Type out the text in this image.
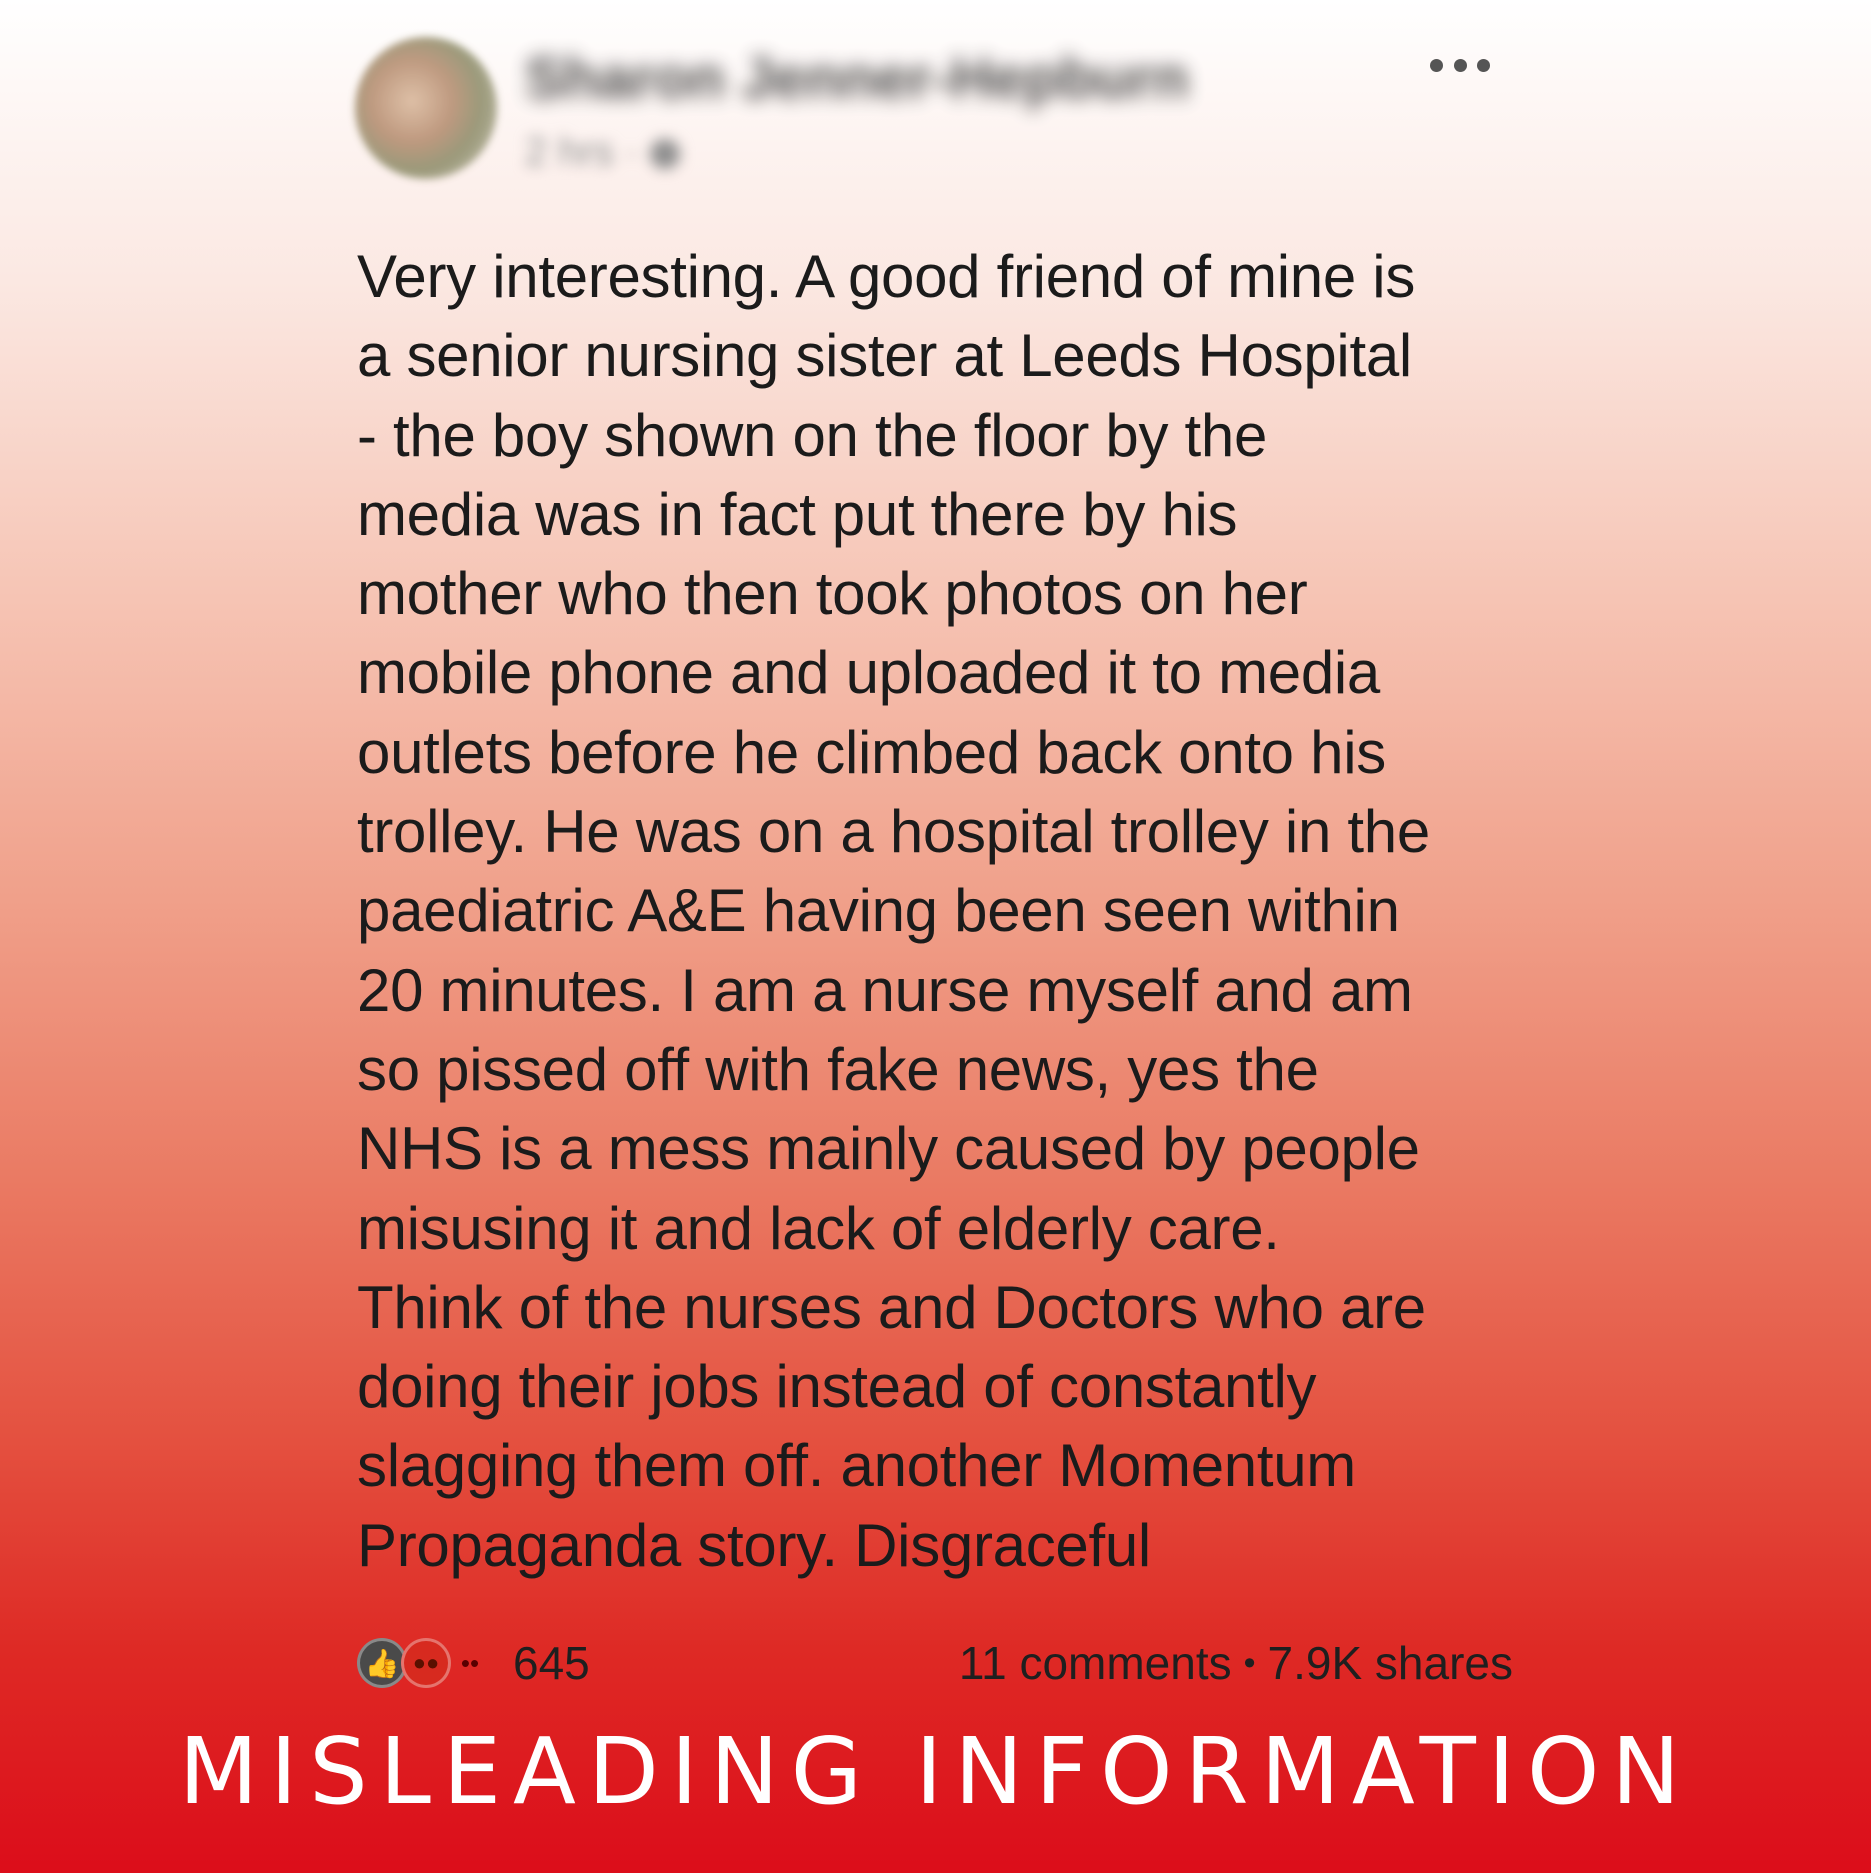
Sharon Jenner-Hepburn
2 hrs ·
Very interesting. A good friend of mine is
a senior nursing sister at Leeds Hospital
- the boy shown on the floor by the
media was in fact put there by his
mother who then took photos on her
mobile phone and uploaded it to media
outlets before he climbed back onto his
trolley. He was on a hospital trolley in the
paediatric A&E having been seen within
20 minutes. I am a nurse myself and am
so pissed off with fake news, yes the
NHS is a mess mainly caused by people
misusing it and lack of elderly care.
Think of the nurses and Doctors who are
doing their jobs instead of constantly
slagging them off. another Momentum
Propaganda story. Disgraceful
👍 ●● •• 645	11 comments • 7.9K shares
MISLEADING INFORMATION
